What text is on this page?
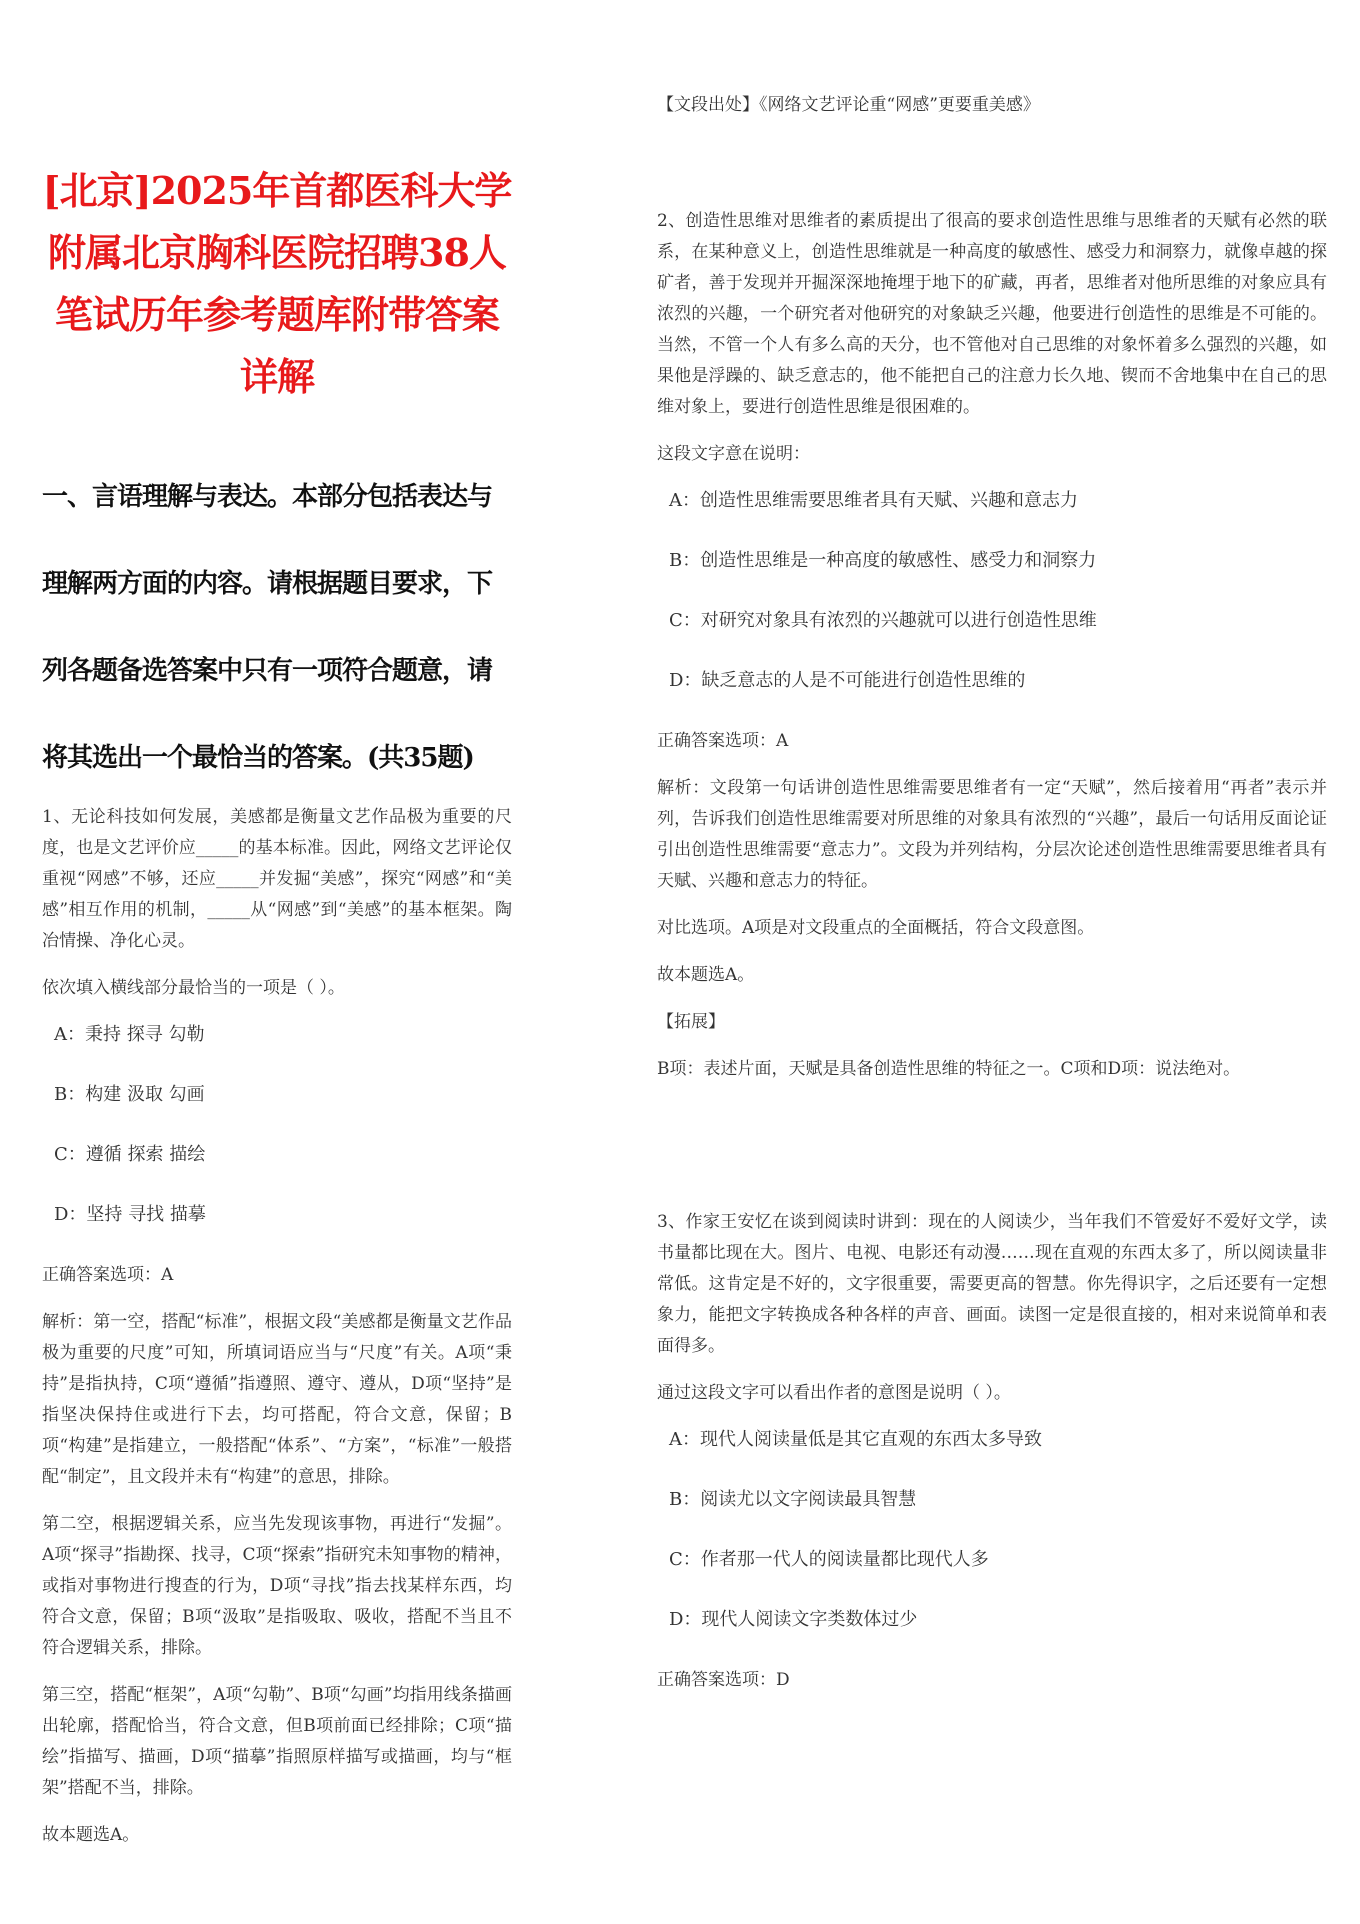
[北京]2025年首都医科大学附属北京胸科医院招聘38人笔试历年参考题库附带答案详解
一、言语理解与表达。本部分包括表达与理解两方面的内容。请根据题目要求，下列各题备选答案中只有一项符合题意，请将其选出一个最恰当的答案。(共35题)
1、无论科技如何发展，美感都是衡量文艺作品极为重要的尺度，也是文艺评价应_____的基本标准。因此，网络文艺评论仅重视“网感”不够，还应_____并发掘“美感”，探究“网感”和“美感”相互作用的机制，_____从“网感”到“美感”的基本框架。陶冶情操、净化心灵。
依次填入横线部分最恰当的一项是（ ）。
A：秉持 探寻 勾勒
B：构建 汲取 勾画
C：遵循 探索 描绘
D：坚持 寻找 描摹
正确答案选项：A
解析：第一空，搭配“标准”，根据文段“美感都是衡量文艺作品极为重要的尺度”可知，所填词语应当与“尺度”有关。A项“秉持”是指执持，C项“遵循”指遵照、遵守、遵从，D项“坚持”是指坚决保持住或进行下去，均可搭配，符合文意，保留；B项“构建”是指建立，一般搭配“体系”、“方案”，“标准”一般搭配“制定”，且文段并未有“构建”的意思，排除。
第二空，根据逻辑关系，应当先发现该事物，再进行“发掘”。A项“探寻”指勘探、找寻，C项“探索”指研究未知事物的精神，或指对事物进行搜查的行为，D项“寻找”指去找某样东西，均符合文意，保留；B项“汲取”是指吸取、吸收，搭配不当且不符合逻辑关系，排除。
第三空，搭配“框架”，A项“勾勒”、B项“勾画”均指用线条描画出轮廓，搭配恰当，符合文意，但B项前面已经排除；C项“描绘”指描写、描画，D项“描摹”指照原样描写或描画，均与“框架”搭配不当，排除。
故本题选A。
【文段出处】《网络文艺评论重“网感”更要重美感》
2、创造性思维对思维者的素质提出了很高的要求创造性思维与思维者的天赋有必然的联系，在某种意义上，创造性思维就是一种高度的敏感性、感受力和洞察力，就像卓越的探矿者，善于发现并开掘深深地掩埋于地下的矿藏，再者，思维者对他所思维的对象应具有浓烈的兴趣，一个研究者对他研究的对象缺乏兴趣，他要进行创造性的思维是不可能的。当然，不管一个人有多么高的天分，也不管他对自己思维的对象怀着多么强烈的兴趣，如果他是浮躁的、缺乏意志的，他不能把自己的注意力长久地、锲而不舍地集中在自己的思维对象上，要进行创造性思维是很困难的。
这段文字意在说明：
A：创造性思维需要思维者具有天赋、兴趣和意志力
B：创造性思维是一种高度的敏感性、感受力和洞察力
C：对研究对象具有浓烈的兴趣就可以进行创造性思维
D：缺乏意志的人是不可能进行创造性思维的
正确答案选项：A
解析：文段第一句话讲创造性思维需要思维者有一定“天赋”，然后接着用“再者”表示并列，告诉我们创造性思维需要对所思维的对象具有浓烈的“兴趣”，最后一句话用反面论证引出创造性思维需要“意志力”。文段为并列结构，分层次论述创造性思维需要思维者具有天赋、兴趣和意志力的特征。
对比选项。A项是对文段重点的全面概括，符合文段意图。
故本题选A。
【拓展】
B项：表述片面，天赋是具备创造性思维的特征之一。C项和D项：说法绝对。
3、作家王安忆在谈到阅读时讲到：现在的人阅读少，当年我们不管爱好不爱好文学，读书量都比现在大。图片、电视、电影还有动漫……现在直观的东西太多了，所以阅读量非常低。这肯定是不好的，文字很重要，需要更高的智慧。你先得识字，之后还要有一定想象力，能把文字转换成各种各样的声音、画面。读图一定是很直接的，相对来说简单和表面得多。
通过这段文字可以看出作者的意图是说明（ ）。
A：现代人阅读量低是其它直观的东西太多导致
B：阅读尤以文字阅读最具智慧
C：作者那一代人的阅读量都比现代人多
D：现代人阅读文字类数体过少
正确答案选项：D
